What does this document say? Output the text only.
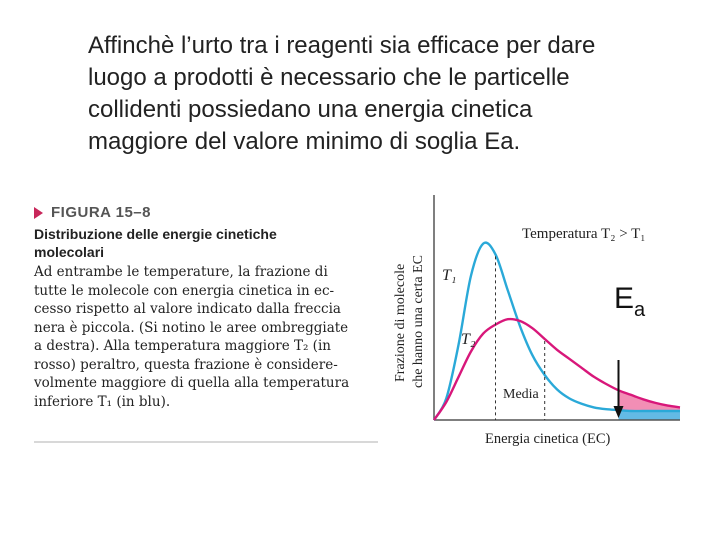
Affinchè l’urto tra i reagenti sia efficace per dare
luogo a prodotti è necessario che le particelle
collidenti possiedano una energia cinetica
maggiore del valore minimo di soglia Ea.
FIGURA 15–8
Distribuzione delle energie cinetiche
molecolari
Ad entrambe le temperature, la frazione di
tutte le molecole con energia cinetica in ec-
cesso rispetto al valore indicato dalla freccia
nera è piccola. (Si notino le aree ombreggiate
a destra). Alla temperatura maggiore T₂ (in
rosso) peraltro, questa frazione è considere-
volmente maggiore di quella alla temperatura
inferiore T₁ (in blu).
Temperatura T₂ > T₁
Energia cinetica (EC)
Frazione di molecole che hanno una certa EC T₁
T₂
Media
$E_a$
